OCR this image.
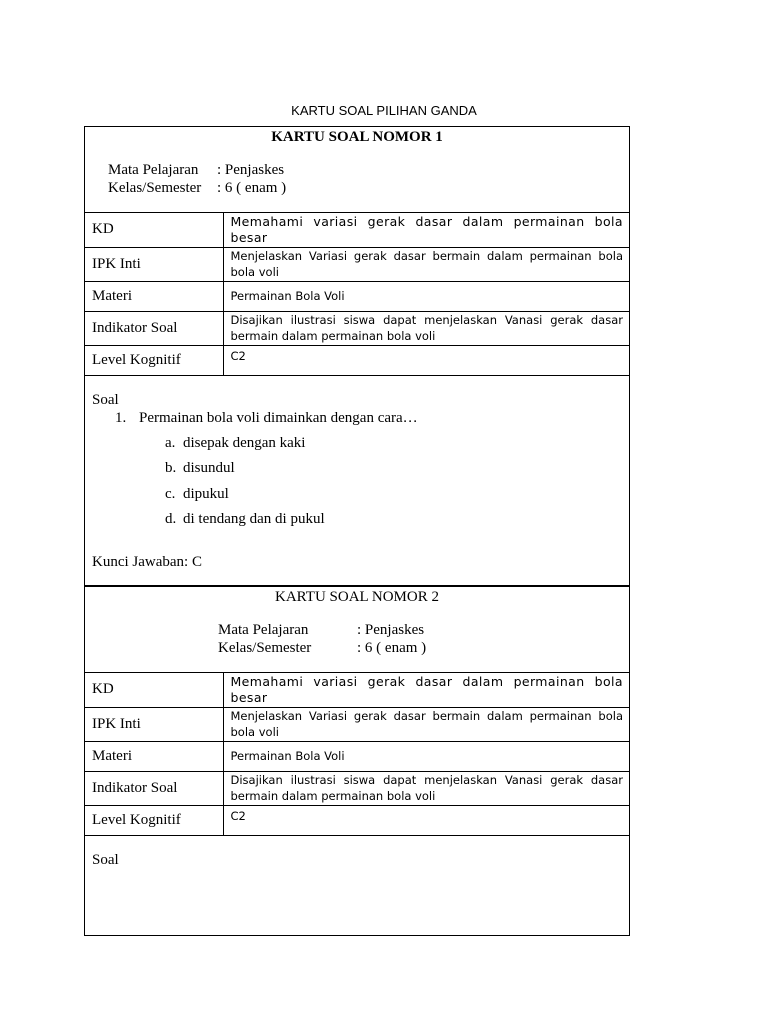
KARTU SOAL PILIHAN GANDA
KARTU SOAL NOMOR 1
Mata Pelajaran : Penjaskes
Kelas/Semester : 6 ( enam )
KD	Memahami variasi gerak dasar dalam permainan bola besar
IPK Inti	Menjelaskan Variasi gerak dasar bermain dalam permainan bola bola voli
Materi	Permainan Bola Voli
Indikator Soal	Disajikan ilustrasi siswa dapat menjelaskan Vanasi gerak dasar bermain dalam permainan bola voli
Level Kognitif	C2
Soal
1. Permainan bola voli dimainkan dengan cara…
a. disepak dengan kaki
b. disundul
c. dipukul
d. di tendang dan di pukul
Kunci Jawaban: C
KARTU SOAL NOMOR 2
Mata Pelajaran	: Penjaskes
Kelas/Semester	: 6 ( enam )
KD	Memahami variasi gerak dasar dalam permainan bola besar
IPK Inti	Menjelaskan Variasi gerak dasar bermain dalam permainan bola bola voli
Materi	Permainan Bola Voli
Indikator Soal	Disajikan ilustrasi siswa dapat menjelaskan Vanasi gerak dasar bermain dalam permainan bola voli
Level Kognitif	C2
Soal
